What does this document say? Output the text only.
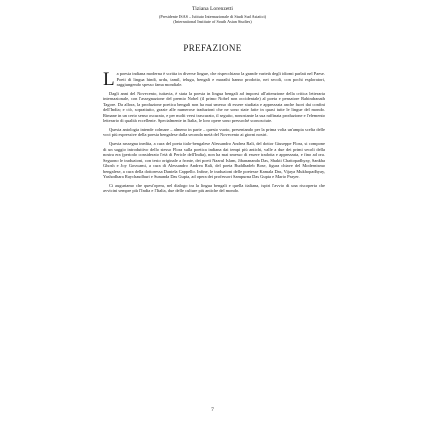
Tiziana Lorenzetti
(Presidente ISAS – Istituto Internazionale di Studi Sud Asiatici)
(International Institute of South Asian Studies)
PREFAZIONE

La poesia indiana moderna è scritta in diverse lingue, che rispecchiano la grande varietà degli idiomi parlati nel Paese. Poeti di lingua hindi, urdu, tamil, telugu, bengali e marathi hanno prodotto, nei secoli, con pochi esploratori, raggiungendo spesso fama mondiale.

Dagli anni del Novecento, tuttavia, è stata la poesia in lingua bengali ad imporsi all'attenzione della critica letteraria internazionale, con l'assegnazione del premio Nobel (il primo Nobel non occidentale) al poeta e pensatore Rabindranath Tagore. Da allora, la produzione poetica bengali non ha mai smesso di essere studiata e apprezzata anche fuori dai confini dell'India; e ciò, soprattutto, grazie alle numerose traduzioni che ne sono state fatte in quasi tutte le lingue del mondo. Rimane in un certo senso oscurato, e per molti versi trascurato, il seguito, nonostante la sua raffinata produzione e l'elemento letterario di qualità eccellente. Specialmente in Italia, le loro opere sono pressoché sconosciute.

Questa antologia intende colmare – almeno in parte – questo vuoto, presentando per la prima volta un'ampia scelta delle voci più espressive della poesia bengalese dalla seconda metà del Novecento ai giorni nostri.

Questa rassegna inedita, a cura del poeta italo-bengalese Alessandro Andrea Rali, del dottor Giuseppe Flora, si compone di un saggio introduttivo dello stesso Flora sulla poetica indiana dai tempi più antichi, valle a due dei primi secoli della nostra era (periodo considerato l'età di Pericle dell'India), non ha mai smesso di essere tradotta e apprezzata, e fino ad ora. Seguono le traduzioni, con testo originale a fronte, dei poeti Nazrul Islam, Jibanananda Das, Shakti Chattopadhyay, Sankha Ghosh e Joy Goswami, a cura di Alessandro Andrea Rali, del poeta Buddhadeb Bose, figura chiave del Modernismo bengalese, a cura della dottoressa Daniela Cappello. Infine, le traduzioni delle poetesse Kamala Das, Vijaya Mukhopadhyay, Yashodhara Raychaudhuri e Sunanda Das Gupta, ad opera dei professori Sampurna Das Gupta e Mario Prayer.

Ci auguriamo che quest'opera, nel dialogo tra la lingua bengali e quella italiana, ispiri l'avvio di una riscoperta che avvicini sempre più l'India e l'Italia, due delle culture più antiche del mondo.

7
